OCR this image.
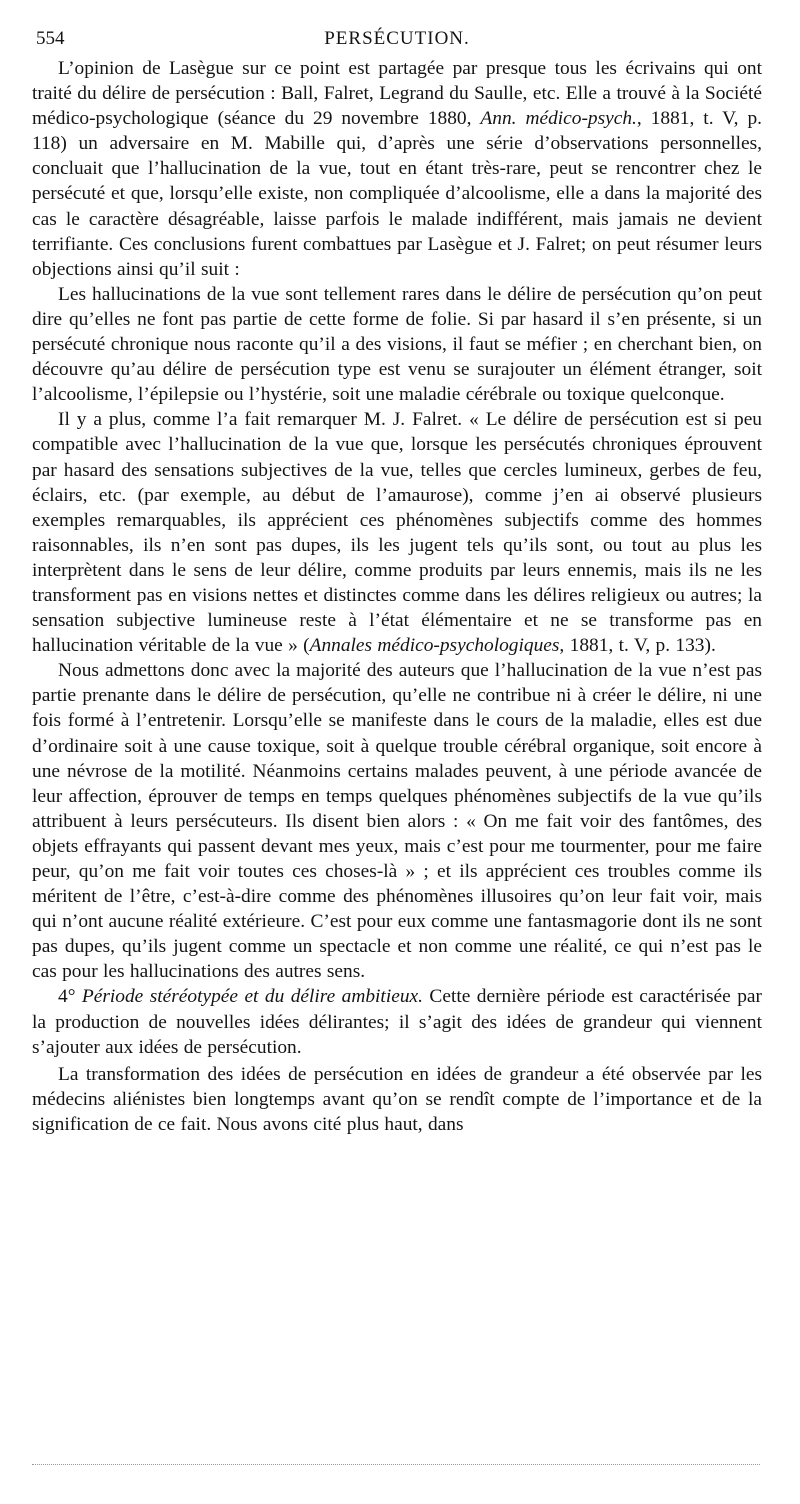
554	PERSÉCUTION.

L’opinion de Lasègue sur ce point est partagée par presque tous les écrivains qui ont traité du délire de persécution : Ball, Falret, Legrand du Saulle, etc. Elle a trouvé à la Société médico-psychologique (séance du 29 novembre 1880, Ann. médico-psych., 1881, t. V, p. 118) un adversaire en M. Mabille qui, d’après une série d’observations personnelles, concluait que l’hallucination de la vue, tout en étant très-rare, peut se rencontrer chez le persécuté et que, lorsqu’elle existe, non compliquée d’alcoolisme, elle a dans la majorité des cas le caractère désagréable, laisse parfois le malade indifférent, mais jamais ne devient terrifiante. Ces conclusions furent combattues par Lasègue et J. Falret; on peut résumer leurs objections ainsi qu’il suit :

Les hallucinations de la vue sont tellement rares dans le délire de persécution qu’on peut dire qu’elles ne font pas partie de cette forme de folie. Si par hasard il s’en présente, si un persécuté chronique nous raconte qu’il a des visions, il faut se méfier ; en cherchant bien, on découvre qu’au délire de persécution type est venu se surajouter un élément étranger, soit l’alcoolisme, l’épilepsie ou l’hystérie, soit une maladie cérébrale ou toxique quelconque.

Il y a plus, comme l’a fait remarquer M. J. Falret. « Le délire de persécution est si peu compatible avec l’hallucination de la vue que, lorsque les persécutés chroniques éprouvent par hasard des sensations subjectives de la vue, telles que cercles lumineux, gerbes de feu, éclairs, etc. (par exemple, au début de l’amaurose), comme j’en ai observé plusieurs exemples remarquables, ils apprécient ces phénomènes subjectifs comme des hommes raisonnables, ils n’en sont pas dupes, ils les jugent tels qu’ils sont, ou tout au plus les interprètent dans le sens de leur délire, comme produits par leurs ennemis, mais ils ne les transforment pas en visions nettes et distinctes comme dans les délires religieux ou autres; la sensation subjective lumineuse reste à l’état élémentaire et ne se transforme pas en hallucination véritable de la vue » (Annales médico-psychologiques, 1881, t. V, p. 133).

Nous admettons donc avec la majorité des auteurs que l’hallucination de la vue n’est pas partie prenante dans le délire de persécution, qu’elle ne contribue ni à créer le délire, ni une fois formé à l’entretenir. Lorsqu’elle se manifeste dans le cours de la maladie, elles est due d’ordinaire soit à une cause toxique, soit à quelque trouble cérébral organique, soit encore à une névrose de la motilité. Néanmoins certains malades peuvent, à une période avancée de leur affection, éprouver de temps en temps quelques phénomènes subjectifs de la vue qu’ils attribuent à leurs persécuteurs. Ils disent bien alors : « On me fait voir des fantômes, des objets effrayants qui passent devant mes yeux, mais c’est pour me tourmenter, pour me faire peur, qu’on me fait voir toutes ces choses-là » ; et ils apprécient ces troubles comme ils méritent de l’être, c’est-à-dire comme des phénomènes illusoires qu’on leur fait voir, mais qui n’ont aucune réalité extérieure. C’est pour eux comme une fantasmagorie dont ils ne sont pas dupes, qu’ils jugent comme un spectacle et non comme une réalité, ce qui n’est pas le cas pour les hallucinations des autres sens.

4° Période stéréotypée et du délire ambitieux. Cette dernière période est caractérisée par la production de nouvelles idées délirantes; il s’agit des idées de grandeur qui viennent s’ajouter aux idées de persécution.

La transformation des idées de persécution en idées de grandeur a été observée par les médecins aliénistes bien longtemps avant qu’on se rendît compte de l’importance et de la signification de ce fait. Nous avons cité plus haut, dans
